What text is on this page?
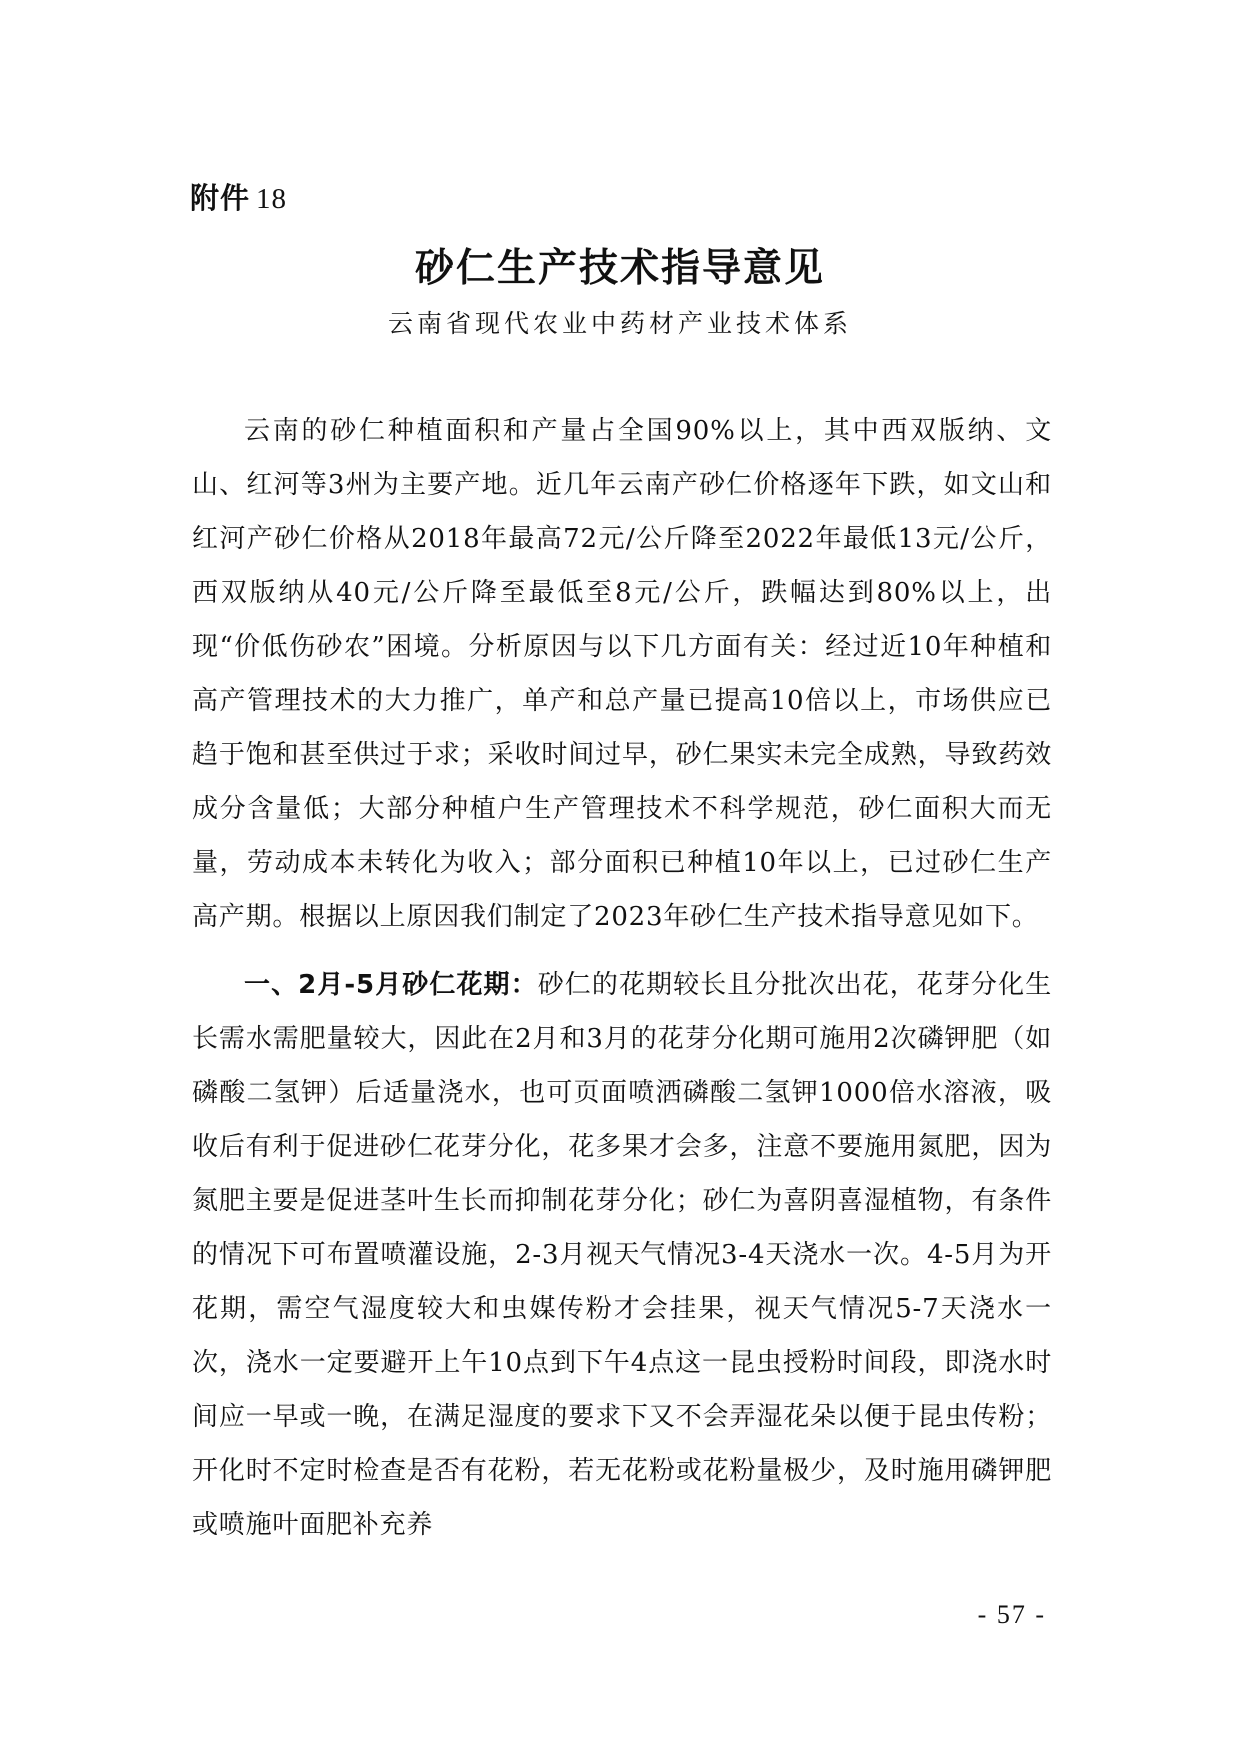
附件 18
砂仁生产技术指导意见
云南省现代农业中药材产业技术体系

云南的砂仁种植面积和产量占全国90%以上，其中西双版纳、文山、红河等3州为主要产地。近几年云南产砂仁价格逐年下跌，如文山和红河产砂仁价格从2018年最高72元/公斤降至2022年最低13元/公斤，西双版纳从40元/公斤降至最低至8元/公斤，跌幅达到80%以上，出现“价低伤砂农”困境。分析原因与以下几方面有关：经过近10年种植和高产管理技术的大力推广，单产和总产量已提高10倍以上，市场供应已趋于饱和甚至供过于求；采收时间过早，砂仁果实未完全成熟，导致药效成分含量低；大部分种植户生产管理技术不科学规范，砂仁面积大而无量，劳动成本未转化为收入；部分面积已种植10年以上，已过砂仁生产高产期。根据以上原因我们制定了2023年砂仁生产技术指导意见如下。

一、2月-5月砂仁花期：砂仁的花期较长且分批次出花，花芽分化生长需水需肥量较大，因此在2月和3月的花芽分化期可施用2次磷钾肥（如磷酸二氢钾）后适量浇水，也可页面喷洒磷酸二氢钾1000倍水溶液，吸收后有利于促进砂仁花芽分化，花多果才会多，注意不要施用氮肥，因为氮肥主要是促进茎叶生长而抑制花芽分化；砂仁为喜阴喜湿植物，有条件的情况下可布置喷灌设施，2-3月视天气情况3-4天浇水一次。4-5月为开花期，需空气湿度较大和虫媒传粉才会挂果，视天气情况5-7天浇水一次，浇水一定要避开上午10点到下午4点这一昆虫授粉时间段，即浇水时间应一早或一晚，在满足湿度的要求下又不会弄湿花朵以便于昆虫传粉；开化时不定时检查是否有花粉，若无花粉或花粉量极少，及时施用磷钾肥或喷施叶面肥补充养

- 57 -
